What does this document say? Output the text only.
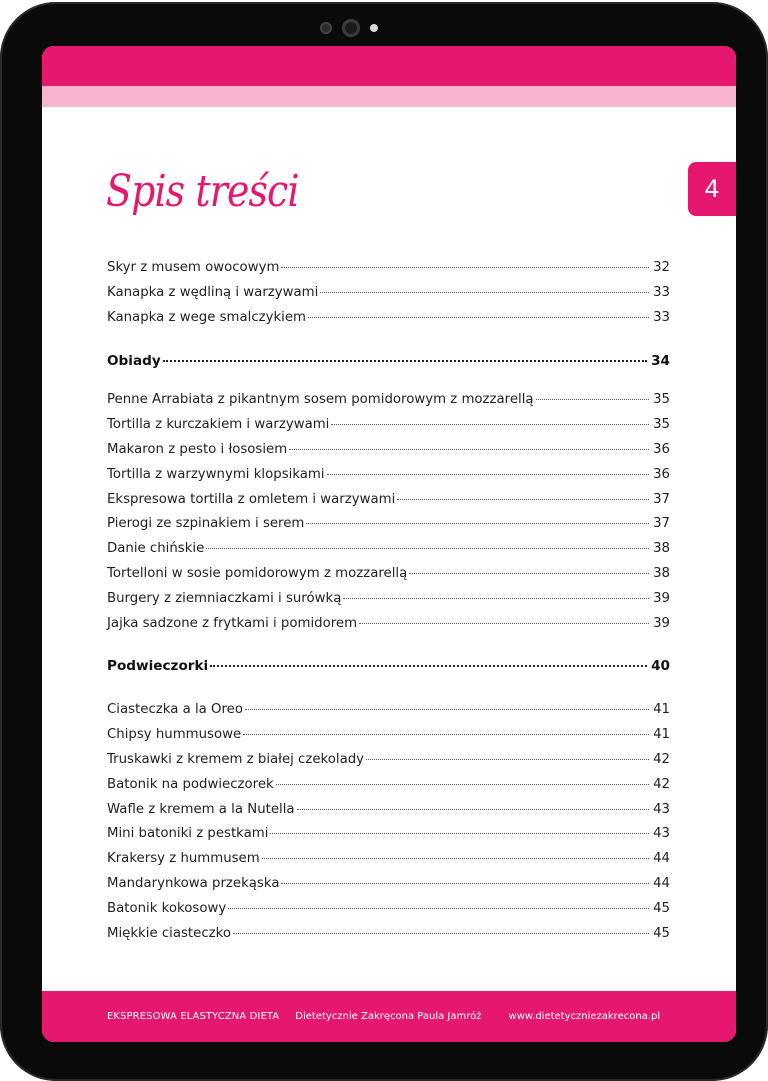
4
Spis treści
Skyr z musem owocowym	32
Kanapka z wędliną i warzywami	33
Kanapka z wege smalczykiem	33
Obiady	34
Penne Arrabiata z pikantnym sosem pomidorowym z mozzarellą	35
Tortilla z kurczakiem i warzywami	35
Makaron z pesto i łososiem	36
Tortilla z warzywnymi klopsikami	36
Ekspresowa tortilla z omletem i warzywami	37
Pierogi ze szpinakiem i serem	37
Danie chińskie	38
Tortelloni w sosie pomidorowym z mozzarellą	38
Burgery z ziemniaczkami i surówką	39
Jajka sadzone z frytkami i pomidorem	39
Podwieczorki	40
Ciasteczka a la Oreo	41
Chipsy hummusowe	41
Truskawki z kremem z białej czekolady	42
Batonik na podwieczorek	42
Wafle z kremem a la Nutella	43
Mini batoniki z pestkami	43
Krakersy z hummusem	44
Mandarynkowa przekąska	44
Batonik kokosowy	45
Miękkie ciasteczko	45
EKSPRESOWA ELASTYCZNA DIETA Dietetycznie Zakręcona Paula Jamróż	www.dietetyczniezakrecona.pl
